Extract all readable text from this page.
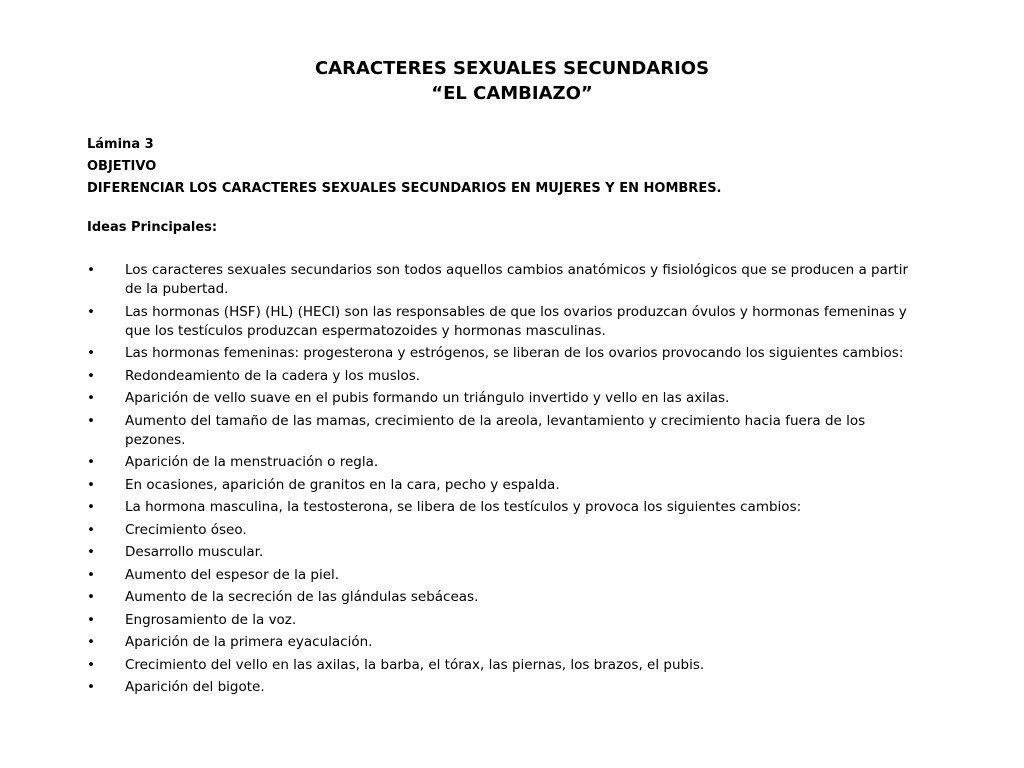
CARACTERES SEXUALES SECUNDARIOS
“EL CAMBIAZO”
Lámina 3
OBJETIVO
DIFERENCIAR LOS CARACTERES SEXUALES SECUNDARIOS EN MUJERES Y EN HOMBRES.
Ideas Principales:
•	Los caracteres sexuales secundarios son todos aquellos cambios anatómicos y fisiológicos que se producen a partir de la pubertad.
•	Las hormonas (HSF) (HL) (HECI) son las responsables de que los ovarios produzcan óvulos y hormonas femeninas y que los testículos produzcan espermatozoides y hormonas masculinas.
•	Las hormonas femeninas: progesterona y estrógenos, se liberan de los ovarios provocando los siguientes cambios:
•	Redondeamiento de la cadera y los muslos.
•	Aparición de vello suave en el pubis formando un triángulo invertido y vello en las axilas.
•	Aumento del tamaño de las mamas, crecimiento de la areola, levantamiento y crecimiento hacia fuera de los pezones.
•	Aparición de la menstruación o regla.
•	En ocasiones, aparición de granitos en la cara, pecho y espalda.
•	La hormona masculina, la testosterona, se libera de los testículos y provoca los siguientes cambios:
•	Crecimiento óseo.
•	Desarrollo muscular.
•	Aumento del espesor de la piel.
•	Aumento de la secreción de las glándulas sebáceas.
•	Engrosamiento de la voz.
•	Aparición de la primera eyaculación.
•	Crecimiento del vello en las axilas, la barba, el tórax, las piernas, los brazos, el pubis.
•	Aparición del bigote.
